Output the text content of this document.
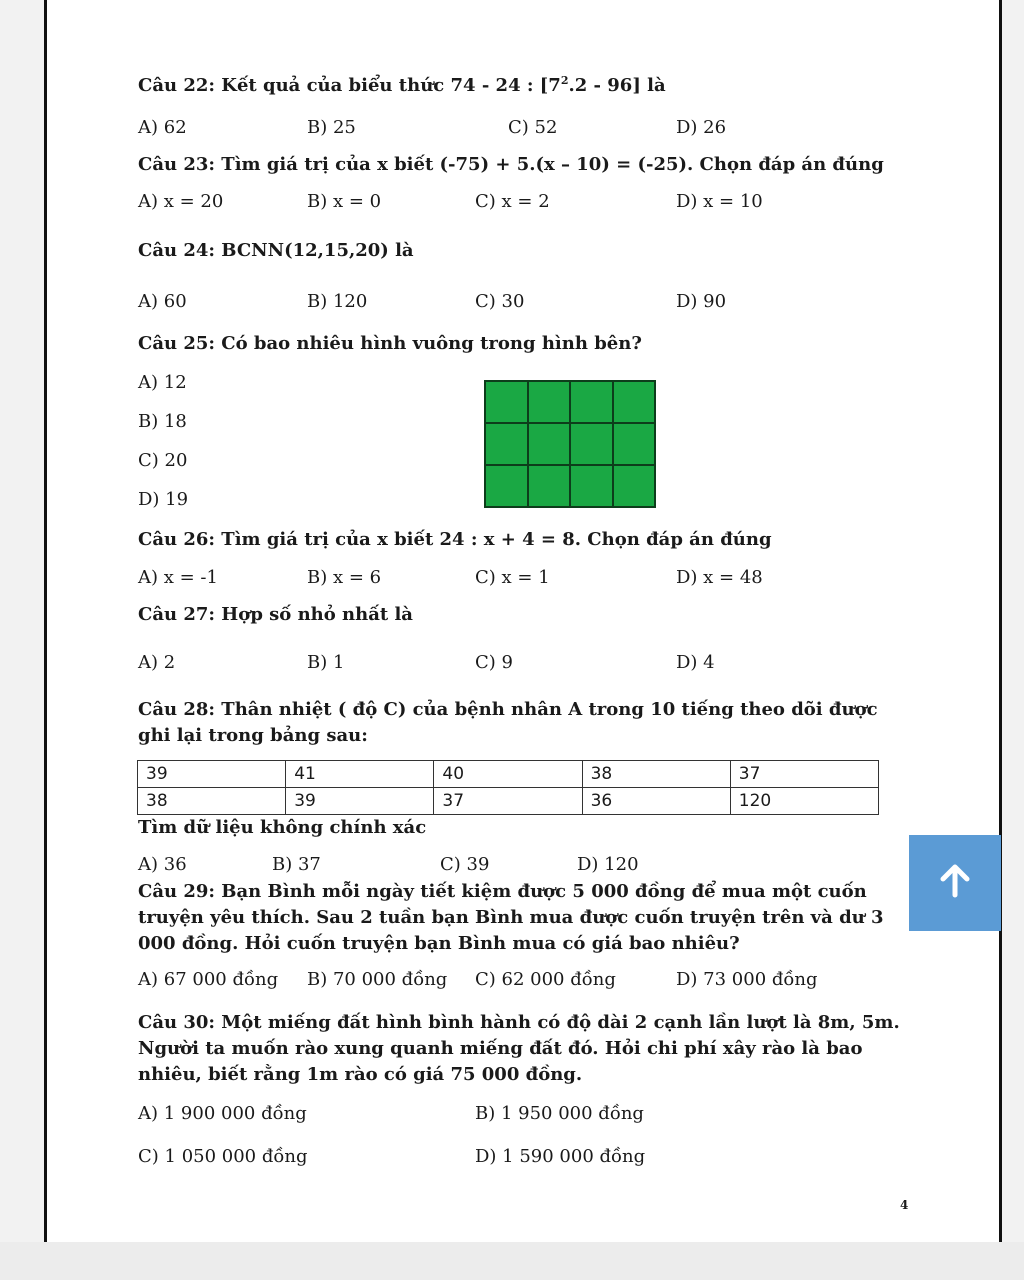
Câu 22: Kết quả của biểu thức 74 - 24 : $[7^2.2 - 96]$ là
A) 62	B) 25	C) 52	D) 26
Câu 23: Tìm giá trị của x biết (-75) + 5.(x – 10) = (-25). Chọn đáp án đúng
A) x = 20	B) x = 0	C) x = 2	D) x = 10
Câu 24: BCNN(12,15,20) là
A) 60	B) 120	C) 30	D) 90
Câu 25: Có bao nhiêu hình vuông trong hình bên?
A) 12
B) 18
C) 20
D) 19
Câu 26: Tìm giá trị của x biết 24 : x + 4 = 8. Chọn đáp án đúng
A) x = -1	B) x = 6	C) x = 1	D) x = 48
Câu 27: Hợp số nhỏ nhất là
A) 2	B) 1	C) 9	D) 4
Câu 28: Thân nhiệt ( độ C) của bệnh nhân A trong 10 tiếng theo dõi được ghi lại trong bảng sau:
39	41	40	38	37
38	39	37	36	120
Tìm dữ liệu không chính xác
A) 36	B) 37	C) 39	D) 120
Câu 29: Bạn Bình mỗi ngày tiết kiệm được 5 000 đồng để mua một cuốn truyện yêu thích. Sau 2 tuần bạn Bình mua được cuốn truyện trên và dư 3 000 đồng. Hỏi cuốn truyện bạn Bình mua có giá bao nhiêu?
A) 67 000 đồng B) 70 000 đồng C) 62 000 đồng	D) 73 000 đồng
Câu 30: Một miếng đất hình bình hành có độ dài 2 cạnh lần lượt là 8m, 5m. Người ta muốn rào xung quanh miếng đất đó. Hỏi chi phí xây rào là bao nhiêu, biết rằng 1m rào có giá 75 000 đồng.
A) 1 900 000 đồng	B) 1 950 000 đồng
C) 1 050 000 đồng	D) 1 590 000 đồng
4
